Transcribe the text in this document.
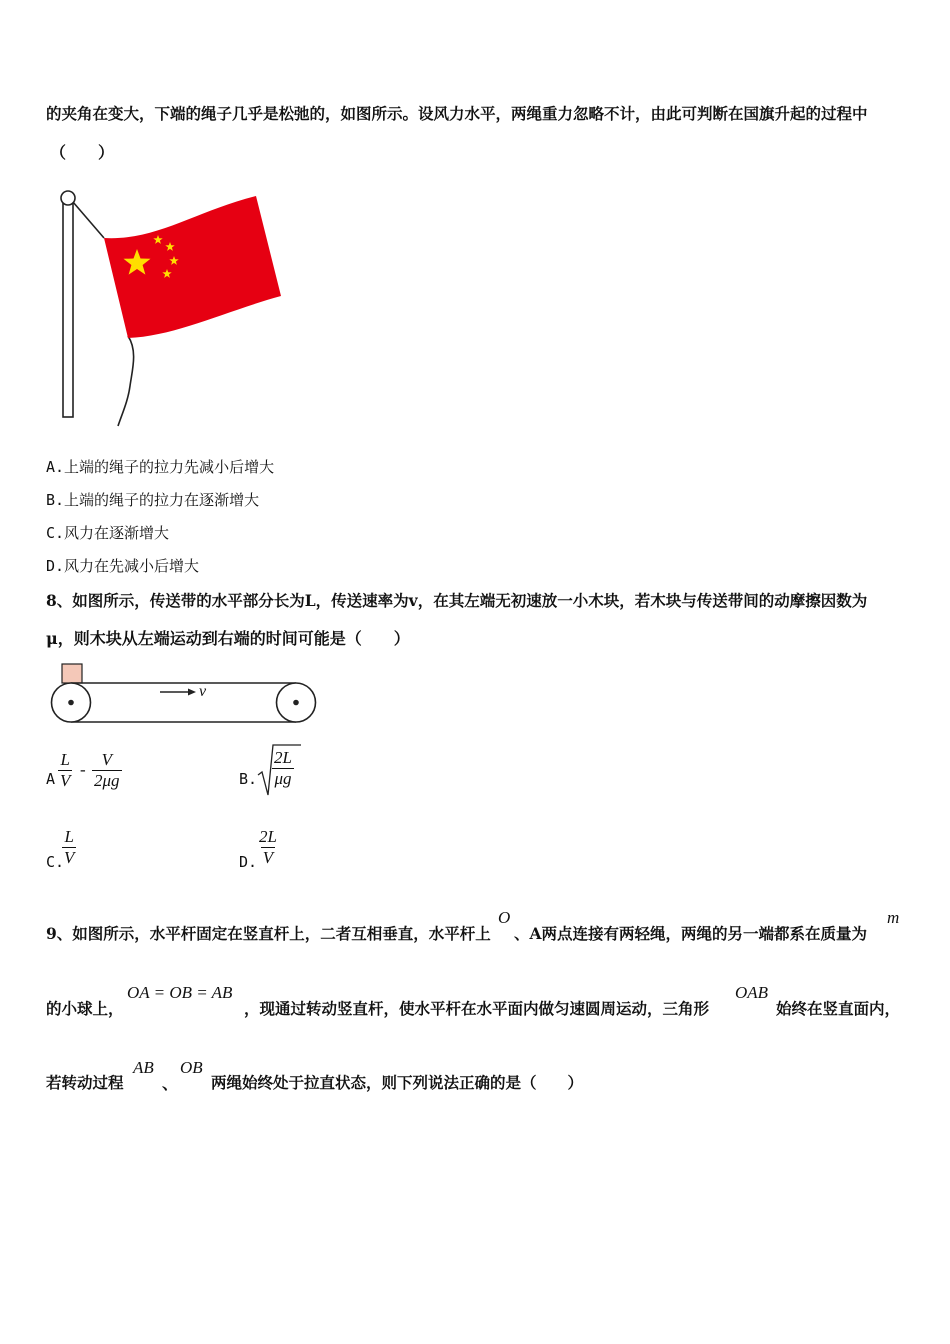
的夹角在变大，下端的绳子几乎是松弛的，如图所示。设风力水平，两绳重力忽略不计，由此可判断在国旗升起的过程中
（　　）
A.上端的绳子的拉力先减小后增大
B.上端的绳子的拉力在逐渐增大
C.风力在逐渐增大
D.风力在先减小后增大
8、如图所示，传送带的水平部分长为L，传送速率为v，在其左端无初速放一小木块，若木块与传送带间的动摩擦因数为
μ，则木块从左端运动到右端的时间可能是（　　）
v
A $\frac{L}{V} - \frac{V}{2\mu g}$	B. $\frac{2L}{\mu g}$
C.
$\frac{L}{V}$	D. $\frac{2L}{V}$
9、如图所示，水平杆固定在竖直杆上，二者互相垂直，水平杆上
O
、A两点连接有两轻绳，两绳的另一端都系在质量为
m
的小球上，
OA = OB = AB
，现通过转动竖直杆，使水平杆在水平面内做匀速圆周运动，三角形
OAB
始终在竖直面内，
若转动过程
AB
、
OB
两绳始终处于拉直状态，则下列说法正确的是（　　）
